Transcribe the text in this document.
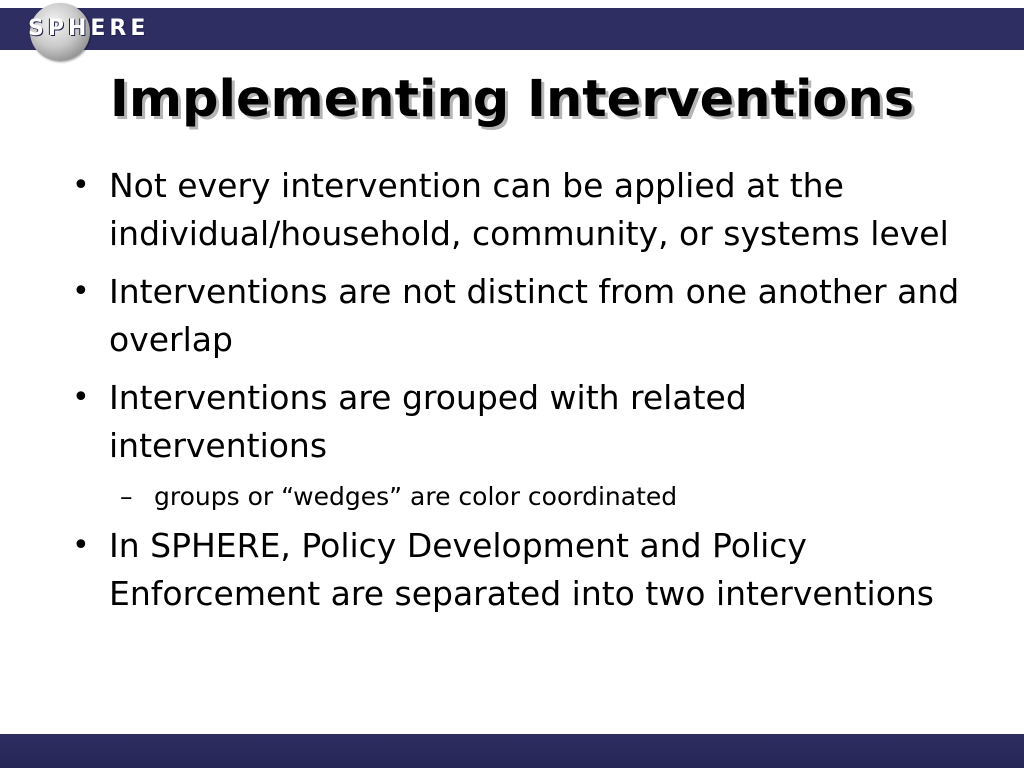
SPHERE
Implementing Interventions
• Not every intervention can be applied at the individual/household, community, or systems level
• Interventions are not distinct from one another and overlap
• Interventions are grouped with related interventions
– groups or “wedges” are color coordinated
• In SPHERE, Policy Development and Policy Enforcement are separated into two interventions
